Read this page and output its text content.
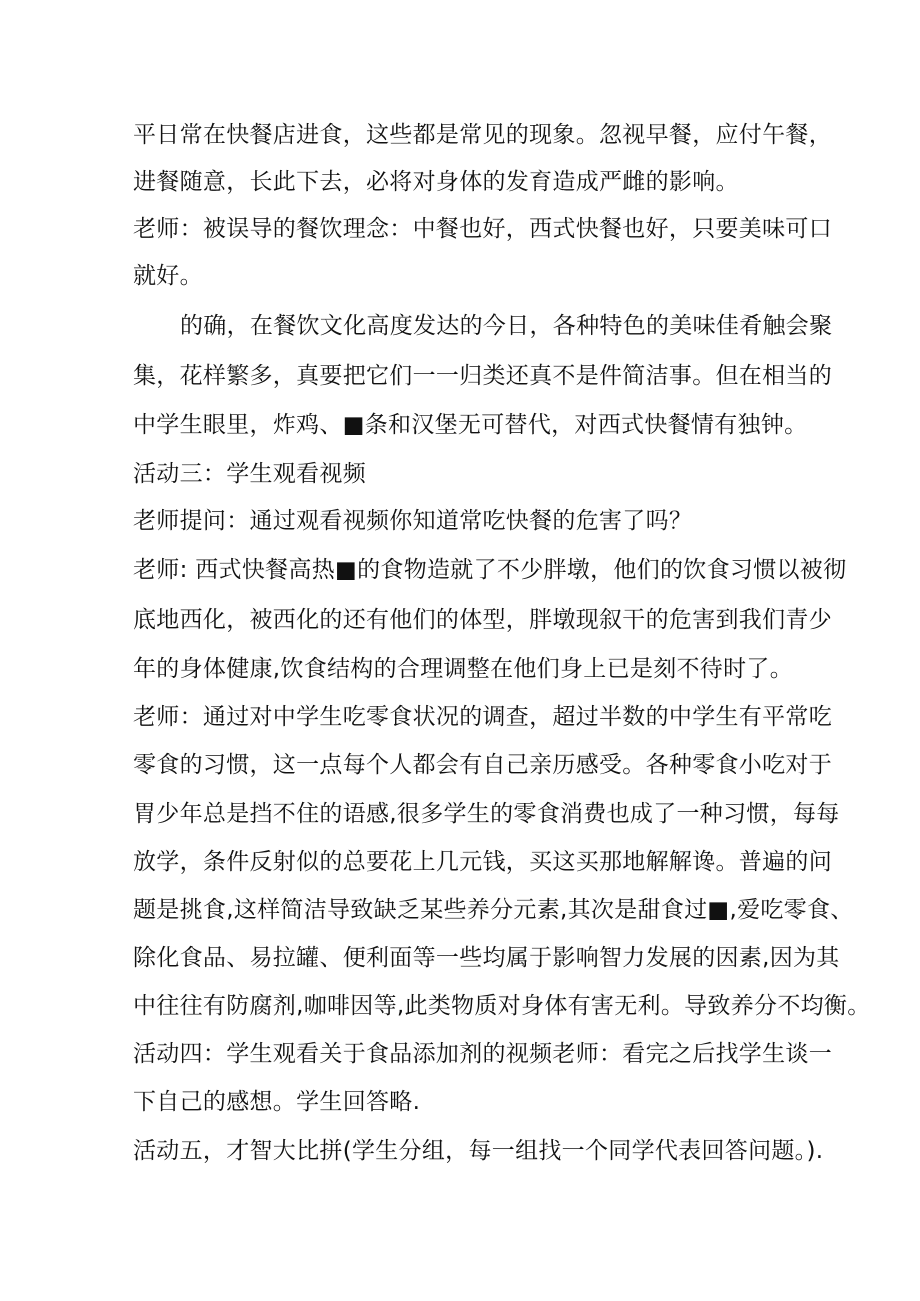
平日常在快餐店进食，这些都是常见的现象。忽视早餐，应付午餐，
进餐随意，长此下去，必将对身体的发育造成严雌的影响。
老师：被误导的餐饮理念：中餐也好，西式快餐也好，只要美味可口
就好。
的确，在餐饮文化高度发达的今日，各种特色的美味佳肴触会聚
集，花样繁多，真要把它们一一归类还真不是件简洁事。但在相当的
中学生眼里，炸鸡、■条和汉堡无可替代，对西式快餐情有独钟。
活动三：学生观看视频
老师提问：通过观看视频你知道常吃快餐的危害了吗？
老师: 西式快餐高热■的食物造就了不少胖墩，他们的饮食习惯以被彻
底地西化，被西化的还有他们的体型，胖墩现叙干的危害到我们青少
年的身体健康,饮食结构的合理调整在他们身上已是刻不待时了。
老师：通过对中学生吃零食状况的调查，超过半数的中学生有平常吃
零食的习惯，这一点每个人都会有自己亲历感受。各种零食小吃对于
胃少年总是挡不住的语感,很多学生的零食消费也成了一种习惯，每每
放学，条件反射似的总要花上几元钱，买这买那地解解谗。普遍的问
题是挑食,这样简洁导致缺乏某些养分元素,其次是甜食过■,爱吃零食、
除化食品、易拉罐、便利面等一些均属于影响智力发展的因素,因为其
中往往有防腐剂,咖啡因等,此类物质对身体有害无利。导致养分不均衡。
活动四：学生观看关于食品添加剂的视频老师：看完之后找学生谈一
下自己的感想。学生回答略.
活动五，才智大比拼(学生分组，每一组找一个同学代表回答问题。).
